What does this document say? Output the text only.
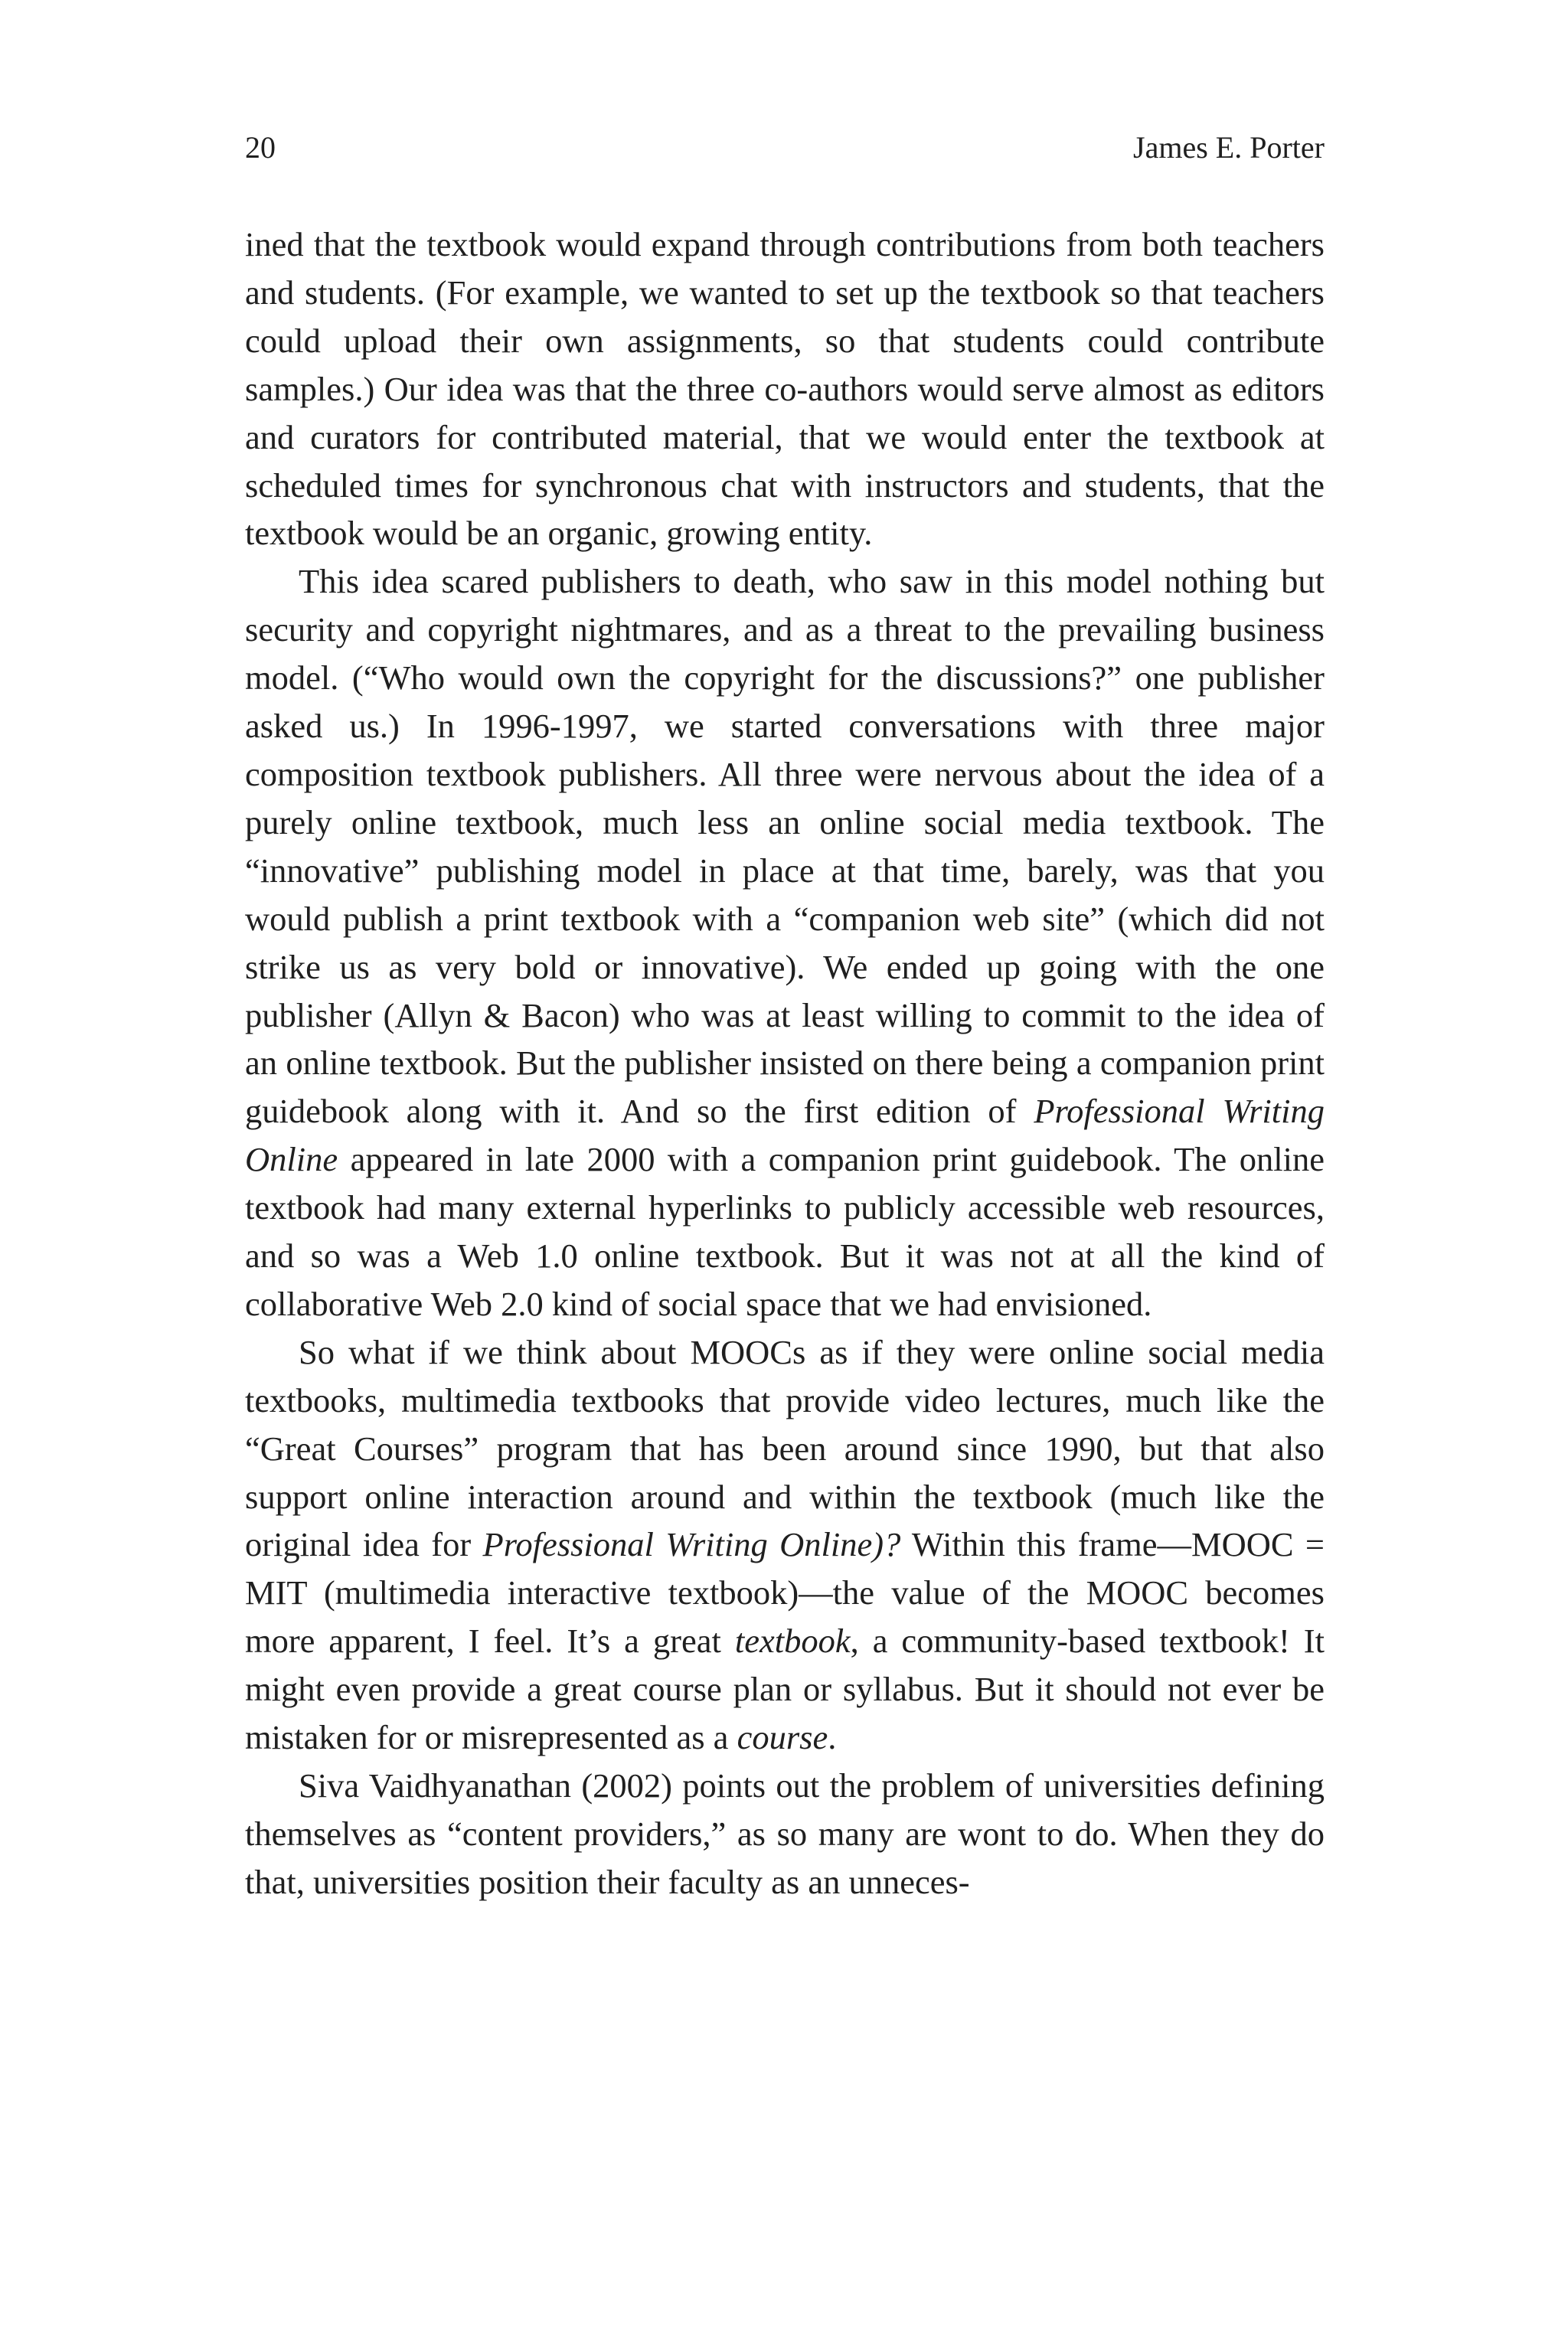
20	James E. Porter

ined that the textbook would expand through contributions from both teachers and students. (For example, we wanted to set up the textbook so that teachers could upload their own assignments, so that students could contribute samples.) Our idea was that the three co-authors would serve almost as editors and curators for contributed material, that we would enter the textbook at scheduled times for synchronous chat with instructors and students, that the textbook would be an organic, growing entity.

This idea scared publishers to death, who saw in this model nothing but security and copyright nightmares, and as a threat to the prevailing business model. (“Who would own the copyright for the discussions?” one publisher asked us.) In 1996-1997, we started conversations with three major composition textbook publishers. All three were nervous about the idea of a purely online textbook, much less an online social media textbook. The “innovative” publishing model in place at that time, barely, was that you would publish a print textbook with a “companion web site” (which did not strike us as very bold or innovative). We ended up going with the one publisher (Allyn & Bacon) who was at least willing to commit to the idea of an online textbook. But the publisher insisted on there being a companion print guidebook along with it. And so the first edition of Professional Writing Online appeared in late 2000 with a companion print guidebook. The online textbook had many external hyperlinks to publicly accessible web resources, and so was a Web 1.0 online textbook. But it was not at all the kind of collaborative Web 2.0 kind of social space that we had envisioned.

So what if we think about MOOCs as if they were online social media textbooks, multimedia textbooks that provide video lectures, much like the “Great Courses” program that has been around since 1990, but that also support online interaction around and within the textbook (much like the original idea for Professional Writing Online)? Within this frame—MOOC = MIT (multimedia interactive textbook)—the value of the MOOC becomes more apparent, I feel. It’s a great textbook, a community-based textbook! It might even provide a great course plan or syllabus. But it should not ever be mistaken for or misrepresented as a course.

Siva Vaidhyanathan (2002) points out the problem of universities defining themselves as “content providers,” as so many are wont to do. When they do that, universities position their faculty as an unneces-
